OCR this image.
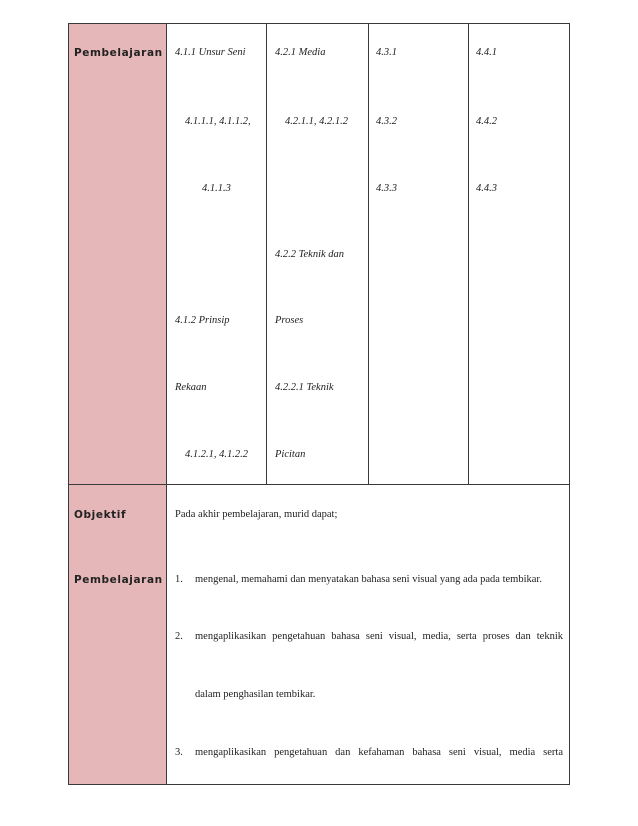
Pembelajaran 4.1.1 Unsur Seni
4.1.1.1, 4.1.1.2,
4.1.1.3
4.1.2 Prinsip
Rekaan
4.1.2.1, 4.1.2.2
4.2.1 Media
4.2.1.1, 4.2.1.2
4.2.2 Teknik dan
Proses
4.2.2.1 Teknik
Picitan
4.3.1
4.3.2
4.3.3
4.4.1
4.4.2
4.4.3
Objektif
Pembelajaran
Pada akhir pembelajaran, murid dapat;
1. mengenal, memahami dan menyatakan bahasa seni visual yang ada pada tembikar.
2. mengaplikasikan pengetahuan bahasa seni visual, media, serta proses dan teknik
dalam penghasilan tembikar.
3. mengaplikasikan pengetahuan dan kefahaman bahasa seni visual, media serta
